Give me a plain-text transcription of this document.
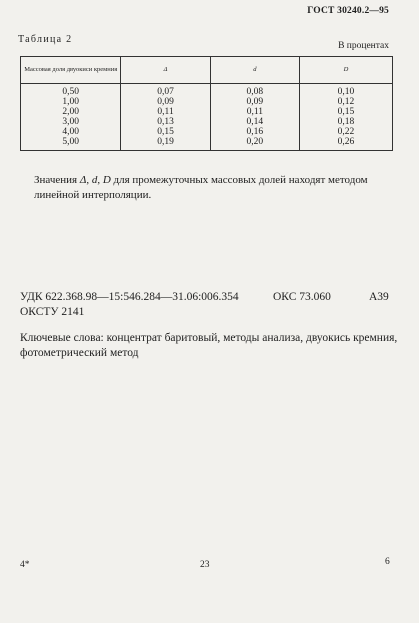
ГОСТ 30240.2—95
Таблица 2
В процентах
Массовая доля двуокиси кремния	Δ	d	D
0,50	0,07	0,08	0,10
1,00	0,09	0,09	0,12
2,00	0,11	0,11	0,15
3,00	0,13	0,14	0,18
4,00	0,15	0,16	0,22
5,00	0,19	0,20	0,26
Значения Δ, d, D для промежуточных массовых долей находят методом линейной интерполяции.
УДК 622.368.98—15:546.284—31.06:006.354	ОКС 73.060	А39
ОКСТУ 2141
Ключевые слова: концентрат баритовый, методы анализа, двуокись кремния, фотометрический метод
4*	23	6
